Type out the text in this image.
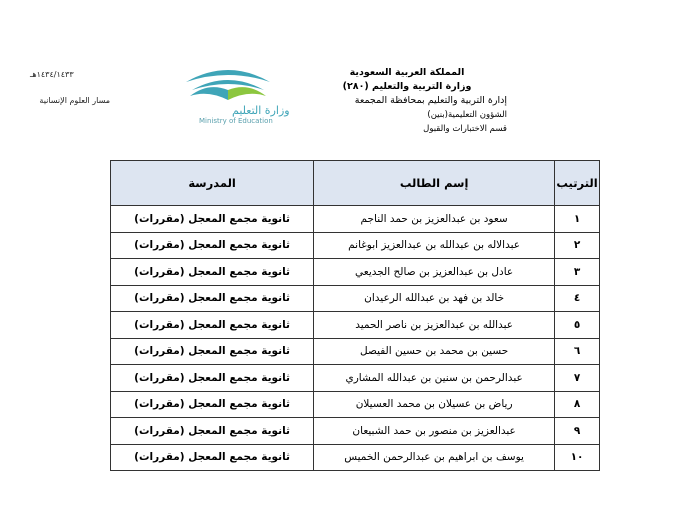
المملكة العربية السعودية
وزارة التربية والتعليم (٢٨٠)
إدارة التربية والتعليم بمحافظة المجمعة
الشؤون التعليمية(بنين)
قسم الاختبارات والقبول
١٤٣٤/١٤٣٣هـ
مسار العلوم الإنسانية
وزارة التعليم
Ministry of Education
الترتيب	إسم الطالب	المدرسة
١	سعود بن عبدالعزيز بن حمد الناجم	ثانوية مجمع المعجل (مقررات)
٢	عبدالاله بن عبدالله بن عبدالعزيز ابوغانم	ثانوية مجمع المعجل (مقررات)
٣	عادل بن عبدالعزيز بن صالح الجديعي	ثانوية مجمع المعجل (مقررات)
٤	خالد بن فهد بن عبدالله الرعيدان	ثانوية مجمع المعجل (مقررات)
٥	عبدالله بن عبدالعزيز بن ناصر الحميد	ثانوية مجمع المعجل (مقررات)
٦	حسين بن محمد بن حسين الفيصل	ثانوية مجمع المعجل (مقررات)
٧	عبدالرحمن بن سنين بن عبدالله المشاري	ثانوية مجمع المعجل (مقررات)
٨	رياض بن عسيلان بن محمد العسيلان	ثانوية مجمع المعجل (مقررات)
٩	عبدالعزيز بن منصور بن حمد الشبيعان	ثانوية مجمع المعجل (مقررات)
١٠	يوسف بن ابراهيم بن عبدالرحمن الخميس	ثانوية مجمع المعجل (مقررات)
